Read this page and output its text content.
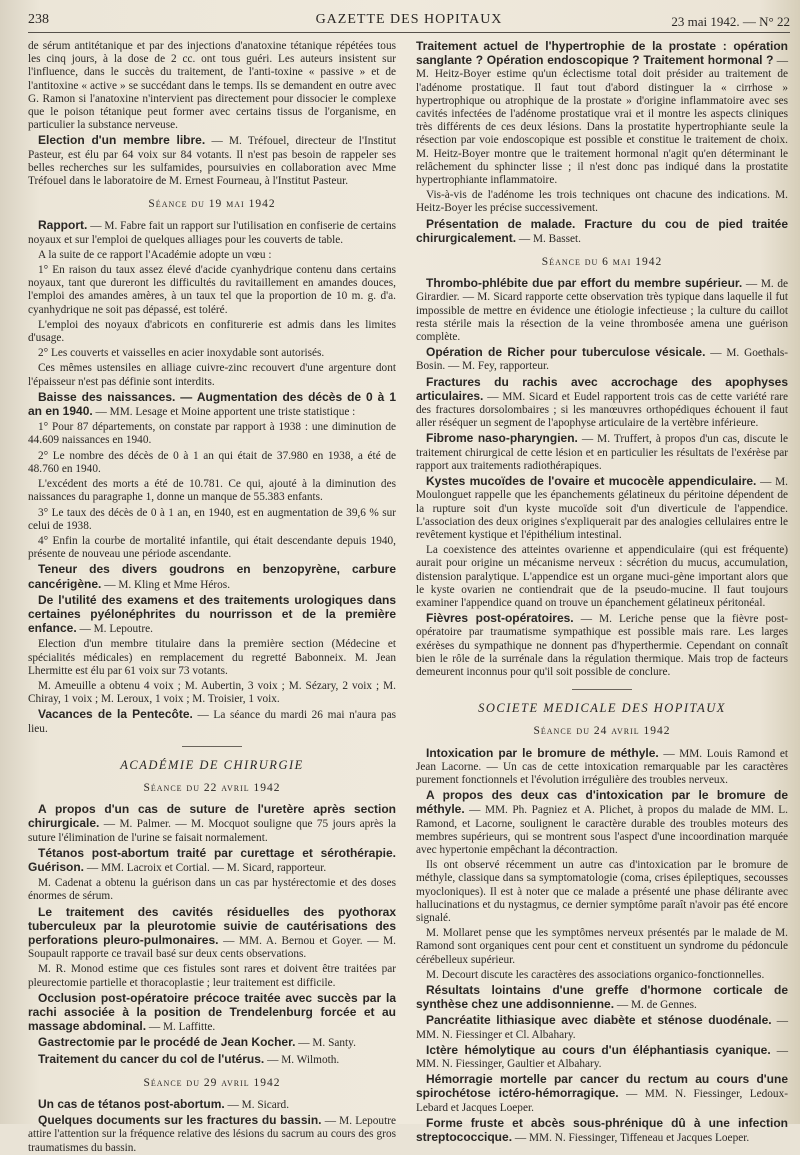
238	GAZETTE DES HOPITAUX	23 mai 1942. — N° 22

de sérum antitétanique et par des injections d'anatoxine tétanique répétées tous les cinq jours, à la dose de 2 cc. ont tous guéri. Les auteurs insistent sur l'influence, dans le succès du traitement, de l'anti-toxine « passive » et de l'antitoxine « active » se succédant dans le temps. Ils se demandent en outre avec G. Ramon si l'anatoxine n'intervient pas directement pour dissocier le complexe que le poison tétanique peut former avec certains tissus de l'organisme, en particulier la substance nerveuse.

Election d'un membre libre. — M. Tréfouel, directeur de l'Institut Pasteur, est élu par 64 voix sur 84 votants. Il n'est pas besoin de rappeler ses belles recherches sur les sulfamides, poursuivies en collaboration avec Mme Tréfouel dans le laboratoire de M. Ernest Fourneau, à l'Institut Pasteur.

Séance du 19 mai 1942

Rapport. — M. Fabre fait un rapport sur l'utilisation en confiserie de certains noyaux et sur l'emploi de quelques alliages pour les couverts de table.

A la suite de ce rapport l'Académie adopte un vœu :

1° En raison du taux assez élevé d'acide cyanhydrique contenu dans certains noyaux, tant que dureront les difficultés du ravitaillement en amandes douces, l'emploi des amandes amères, à un taux tel que la proportion de 10 m. g. d'a. cyanhydrique ne soit pas dépassé, est toléré.

L'emploi des noyaux d'abricots en confiturerie est admis dans les limites d'usage.

2° Les couverts et vaisselles en acier inoxydable sont autorisés.

Ces mêmes ustensiles en alliage cuivre-zinc recouvert d'une argenture dont l'épaisseur n'est pas définie sont interdits.

Baisse des naissances. — Augmentation des décès de 0 à 1 an en 1940. — MM. Lesage et Moine apportent une triste statistique :

1° Pour 87 départements, on constate par rapport à 1938 : une diminution de 44.609 naissances en 1940.

2° Le nombre des décès de 0 à 1 an qui était de 37.980 en 1938, a été de 48.760 en 1940.

L'excédent des morts a été de 10.781. Ce qui, ajouté à la diminution des naissances du paragraphe 1, donne un manque de 55.383 enfants.

3° Le taux des décès de 0 à 1 an, en 1940, est en augmentation de 39,6 % sur celui de 1938.

4° Enfin la courbe de mortalité infantile, qui était descendante depuis 1940, présente de nouveau une période ascendante.

Teneur des divers goudrons en benzopyrène, carbure cancérigène. — M. Kling et Mme Héros.

De l'utilité des examens et des traitements urologiques dans certaines pyélonéphrites du nourrisson et de la première enfance. — M. Lepoutre.

Election d'un membre titulaire dans la première section (Médecine et spécialités médicales) en remplacement du regretté Babonneix. M. Jean Lhermitte est élu par 61 voix sur 73 votants.

M. Ameuille a obtenu 4 voix ; M. Aubertin, 3 voix ; M. Sézary, 2 voix ; M. Chiray, 1 voix ; M. Leroux, 1 voix ; M. Troisier, 1 voix.

Vacances de la Pentecôte. — La séance du mardi 26 mai n'aura pas lieu.

ACADÉMIE DE CHIRURGIE
Séance du 22 avril 1942

A propos d'un cas de suture de l'uretère après section chirurgicale. — M. Palmer. — M. Mocquot souligne que 75 jours après la suture l'élimination de l'urine se faisait normalement.

Tétanos post-abortum traité par curettage et sérothérapie. Guérison. — MM. Lacroix et Cortial. — M. Sicard, rapporteur.

M. Cadenat a obtenu la guérison dans un cas par hystérectomie et des doses énormes de sérum.

Le traitement des cavités résiduelles des pyothorax tuberculeux par la pleurotomie suivie de cautérisations des perforations pleuro-pulmonaires. — MM. A. Bernou et Goyer. — M. Soupault rapporte ce travail basé sur deux cents observations.

M. R. Monod estime que ces fistules sont rares et doivent être traitées par pleurectomie partielle et thoracoplastie ; leur traitement est difficile.

Occlusion post-opératoire précoce traitée avec succès par la rachi associée à la position de Trendelenburg forcée et au massage abdominal. — M. Laffitte.

Gastrectomie par le procédé de Jean Kocher. — M. Santy.

Traitement du cancer du col de l'utérus. — M. Wilmoth.

Séance du 29 avril 1942

Un cas de tétanos post-abortum. — M. Sicard.

Quelques documents sur les fractures du bassin. — M. Lepoutre attire l'attention sur la fréquence relative des lésions du sacrum au cours des gros traumatismes du bassin.

Traitement actuel de l'hypertrophie de la prostate : opération sanglante ? Opération endoscopique ? Traitement hormonal ? — M. Heitz-Boyer estime qu'un éclectisme total doit présider au traitement de l'adénome prostatique. Il faut tout d'abord distinguer la « cirrhose » hypertrophique ou atrophique de la prostate » d'origine inflammatoire avec ses cavités infectées de l'adénome prostatique vrai et il montre les aspects cliniques très différents de ces deux lésions. Dans la prostatite hypertrophiante seule la résection par voie endoscopique est possible et constitue le traitement de choix. M. Heitz-Boyer montre que le traitement hormonal n'agit qu'en déterminant le relâchement du sphincter lisse ; il n'est donc pas indiqué dans la prostatite hypertrophiante inflammatoire.

Vis-à-vis de l'adénome les trois techniques ont chacune des indications. M. Heitz-Boyer les précise successivement.

Présentation de malade. Fracture du cou de pied traitée chirurgicalement. — M. Basset.

Séance du 6 mai 1942

Thrombo-phlébite due par effort du membre supérieur. — M. de Girardier. — M. Sicard rapporte cette observation très typique dans laquelle il fut impossible de mettre en évidence une étiologie infectieuse ; la culture du caillot resta stérile mais la résection de la veine thrombosée amena une guérison complète.

Opération de Richer pour tuberculose vésicale. — M. Goethals-Bosin. — M. Fey, rapporteur.

Fractures du rachis avec accrochage des apophyses articulaires. — MM. Sicard et Eudel rapportent trois cas de cette variété rare des fractures dorsolombaires ; si les manœuvres orthopédiques échouent il faut aller réséquer un segment de l'apophyse articulaire de la vertèbre inférieure.

Fibrome naso-pharyngien. — M. Truffert, à propos d'un cas, discute le traitement chirurgical de cette lésion et en particulier les résultats de l'exérèse par rapport aux traitements radiothérapiques.

Kystes mucoïdes de l'ovaire et mucocèle appendiculaire. — M. Moulonguet rappelle que les épanchements gélatineux du péritoine dépendent de la rupture soit d'un kyste mucoïde soit d'un diverticule de l'appendice. L'association des deux origines s'expliquerait par des analogies cellulaires entre le revêtement kystique et l'épithélium intestinal.

La coexistence des atteintes ovarienne et appendiculaire (qui est fréquente) aurait pour origine un mécanisme nerveux : sécrétion du mucus, accumulation, distension paralytique. L'appendice est un organe muci-gène important alors que le kyste ovarien ne contiendrait que de la pseudo-mucine. Il faut toujours examiner l'appendice quand on trouve un épanchement gélatineux péritonéal.

Fièvres post-opératoires. — M. Leriche pense que la fièvre post-opératoire par traumatisme sympathique est possible mais rare. Les larges exérèses du sympathique ne donnent pas d'hyperthermie. Cependant on connaît bien le rôle de la surrénale dans la régulation thermique. Mais trop de facteurs demeurent inconnus pour qu'il soit possible de conclure.

SOCIETE MEDICALE DES HOPITAUX
Séance du 24 avril 1942

Intoxication par le bromure de méthyle. — MM. Louis Ramond et Jean Lacorne. — Un cas de cette intoxication remarquable par les caractères purement fonctionnels et l'évolution irrégulière des troubles nerveux.

A propos des deux cas d'intoxication par le bromure de méthyle. — MM. Ph. Pagniez et A. Plichet, à propos du malade de MM. L. Ramond, et Lacorne, soulignent le caractère durable des troubles moteurs des membres supérieurs, qui se montrent sous l'aspect d'une incoordination marquée avec hypertonie empêchant la décontraction.

Ils ont observé récemment un autre cas d'intoxication par le bromure de méthyle, classique dans sa symptomatologie (coma, crises épileptiques, secousses myocloniques). Il est à noter que ce malade a présenté une phase délirante avec hallucinations et du nystagmus, ce dernier symptôme paraît n'avoir pas été encore signalé.

M. Mollaret pense que les symptômes nerveux présentés par le malade de M. Ramond sont organiques cent pour cent et constituent un syndrome du pédoncule cérébelleux supérieur.

M. Decourt discute les caractères des associations organico-fonctionnelles.

Résultats lointains d'une greffe d'hormone corticale de synthèse chez une addisonnienne. — M. de Gennes.

Pancréatite lithiasique avec diabète et sténose duodénale. — MM. N. Fiessinger et Cl. Albahary.

Ictère hémolytique au cours d'un éléphantiasis cyanique. — MM. N. Fiessinger, Gaultier et Albahary.

Hémorragie mortelle par cancer du rectum au cours d'une spirochétose ictéro-hémorragique. — MM. N. Fiessinger, Ledoux-Lebard et Jacques Loeper.

Forme fruste et abcès sous-phrénique dû à une infection streptococcique. — MM. N. Fiessinger, Tiffeneau et Jacques Loeper.
